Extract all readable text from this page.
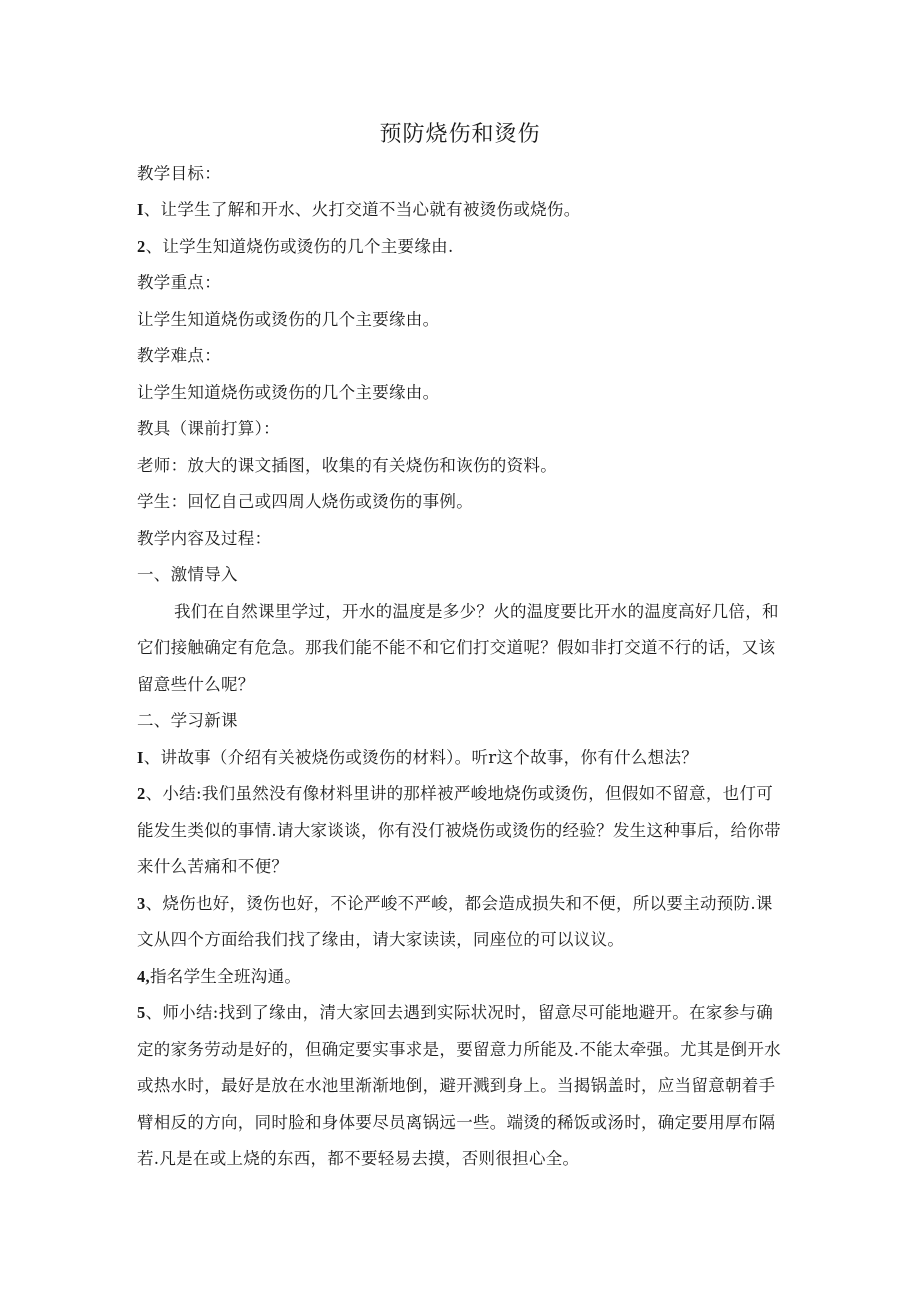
预防烧伤和烫伤
教学目标：
I、让学生了解和开水、火打交道不当心就有被烫伤或烧伤。
2、让学生知道烧伤或烫伤的几个主要缘由.
教学重点：
让学生知道烧伤或烫伤的几个主要缘由。
教学难点：
让学生知道烧伤或烫伤的几个主要缘由。
教具（课前打算）：
老师：放大的课文插图，收集的有关烧伤和诙伤的资料。
学生：回忆自己或四周人烧伤或烫伤的事例。
教学内容及过程：
一、激情导入
我们在自然课里学过，开水的温度是多少？火的温度要比开水的温度高好几倍，和
它们接触确定有危急。那我们能不能不和它们打交道呢？假如非打交道不行的话，又该
留意些什么呢？
二、学习新课
I、讲故事（介绍有关被烧伤或烫伤的材料）。听r这个故事，你有什么想法？
2、小结:我们虽然没有像材料里讲的那样被严峻地烧伤或烫伤，但假如不留意，也仃可
能发生类似的事情.请大家谈谈，你有没仃被烧伤或烫伤的经验？发生这种事后，给你带
来什么苦痛和不便？
3、烧伤也好，烫伤也好，不论严峻不严峻，都会造成损失和不便，所以要主动预防.课
文从四个方面给我们找了缘由，请大家读读，同座位的可以议议。
4,指名学生全班沟通。
5、师小结:找到了缘由，清大家回去遇到实际状况时，留意尽可能地避开。在家参与确
定的家务劳动是好的，但确定要实事求是，要留意力所能及.不能太牵强。尤其是倒开水
或热水时，最好是放在水池里渐渐地倒，避开溅到身上。当揭锅盖时，应当留意朝着手
臂相反的方向，同时脸和身体要尽员离锅远一些。端烫的稀饭或汤时，确定要用厚布隔
若.凡是在或上烧的东西，都不要轻易去摸，否则很担心全。
